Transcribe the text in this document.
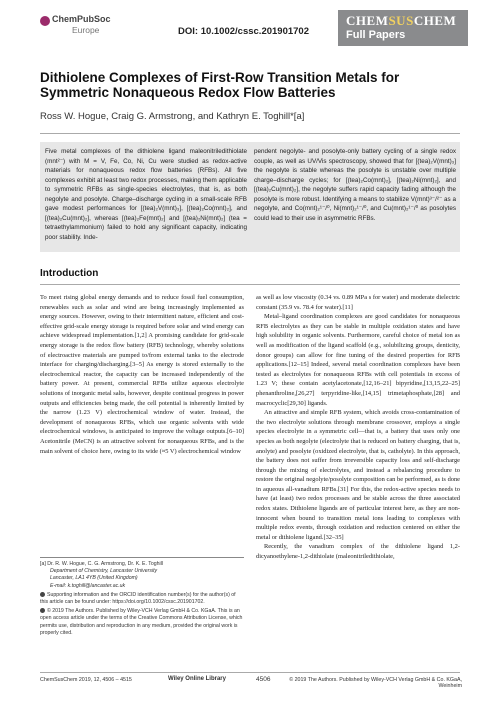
ChemPubSoc
Europe	DOI: 10.1002/cssc.201901702
CHEMSUSCHEM
Full Papers
Dithiolene Complexes of First-Row Transition Metals for Symmetric Nonaqueous Redox Flow Batteries
Ross W. Hogue, Craig G. Armstrong, and Kathryn E. Toghill*[a]
Five metal complexes of the dithiolene ligand maleonitriledithiolate (mnt²⁻) with M = V, Fe, Co, Ni, Cu were studied as redox-active materials for nonaqueous redox flow batteries (RFBs). All five complexes exhibit at least two redox processes, making them applicable to symmetric RFBs as single-species electrolytes, that is, as both negolyte and posolyte. Charge–discharge cycling in a small-scale RFB gave modest performances for [(tea)₂V(mnt)₃], [(tea)₂Co(mnt)₂], and [(tea)₂Cu(mnt)₂], whereas [(tea)₂Fe(mnt)₂] and [(tea)₂Ni(mnt)₂] (tea = tetraethylammonium) failed to hold any significant capacity, indicating poor stability. Inde-
pendent negolyte- and posolyte-only battery cycling of a single redox couple, as well as UV/Vis spectroscopy, showed that for [(tea)₂V(mnt)₃] the negolyte is stable whereas the posolyte is unstable over multiple charge–discharge cycles; for [(tea)₂Co(mnt)₂], [(tea)₂Ni(mnt)₂], and [(tea)₂Cu(mnt)₂], the negolyte suffers rapid capacity fading although the posolyte is more robust. Identifying a means to stabilize V(mnt)³⁻/²⁻ as a negolyte, and Co(mnt)₂¹⁻/⁰, Ni(mnt)₂¹⁻/⁰, and Cu(mnt)₂¹⁻/⁰ as posolytes could lead to their use in asymmetric RFBs.
Introduction

To meet rising global energy demands and to reduce fossil fuel consumption, renewables such as solar and wind are being increasingly implemented as energy sources. However, owing to their intermittent nature, efficient and cost-effective grid-scale energy storage is required before solar and wind energy can achieve widespread implementation.[1,2] A promising candidate for grid-scale energy storage is the redox flow battery (RFB) technology, whereby solutions of electroactive materials are pumped to/from external tanks to the electrode interface for charging/discharging.[3–5] As energy is stored externally to the electrochemical reactor, the capacity can be increased independently of the battery power. At present, commercial RFBs utilize aqueous electrolyte solutions of inorganic metal salts, however, despite continual progress in power outputs and efficiencies being made, the cell potential is inherently limited by the narrow (1.23 V) electrochemical window of water. Instead, the development of nonaqueous RFBs, which use organic solvents with wide electrochemical windows, is anticipated to improve the voltage outputs.[6–10] Acetonitrile (MeCN) is an attractive solvent for nonaqueous RFBs, and is the main solvent of choice here, owing to its wide (≈5 V) electrochemical window

as well as low viscosity (0.34 vs. 0.89 MPa s for water) and moderate dielectric constant (35.9 vs. 78.4 for water).[11]

Metal–ligand coordination complexes are good candidates for nonaqueous RFB electrolytes as they can be stable in multiple oxidation states and have high solubility in organic solvents. Furthermore, careful choice of metal ion as well as modification of the ligand scaffold (e.g., solubilizing groups, denticity, donor groups) can allow for fine tuning of the desired properties for RFB applications.[12–15] Indeed, several metal coordination complexes have been tested as electrolytes for nonaqueous RFBs with cell potentials in excess of 1.23 V; these contain acetylacetonate,[12,16–21] bipyridine,[13,15,22–25] phenanthroline,[26,27] terpyridine-like,[14,15] trimetaphosphate,[28] and macrocyclic[29,30] ligands.

An attractive and simple RFB system, which avoids cross-contamination of the two electrolyte solutions through membrane crossover, employs a single species electrolyte in a symmetric cell—that is, a battery that uses only one species as both negolyte (electrolyte that is reduced on battery charging, that is, anolyte) and posolyte (oxidized electrolyte, that is, catholyte). In this approach, the battery does not suffer from irreversible capacity loss and self-discharge through the mixing of electrolytes, and instead a rebalancing procedure to restore the original negolyte/posolyte composition can be performed, as is done in aqueous all-vanadium RFBs.[31] For this, the redox-active species needs to have (at least) two redox processes and be stable across the three associated redox states. Dithiolene ligands are of particular interest here, as they are non-innocent when bound to transition metal ions leading to complexes with multiple redox events, through oxidation and reduction centered on either the metal or dithiolene ligand.[32–35]

Recently, the vanadium complex of the dithiolene ligand 1,2-dicyanoethylene-1,2-dithiolate (maleonitriledithiolate,

[a] Dr. R. W. Hogue, C. G. Armstrong, Dr. K. E. Toghill

Department of Chemistry, Lancaster University

Lancaster, LA1 4YB (United Kingdom)

E-mail: k.toghill@lancaster.ac.uk

Supporting information and the ORCID identification number(s) for the author(s) of this article can be found under: https://doi.org/10.1002/cssc.201901702.

© 2019 The Authors. Published by Wiley-VCH Verlag GmbH & Co. KGaA. This is an open access article under the terms of the Creative Commons Attribution License, which permits use, distribution and reproduction in any medium, provided the original work is properly cited.

ChemSusChem 2019, 12, 4506 – 4515	Wiley Online Library	4506	© 2019 The Authors. Published by Wiley-VCH Verlag GmbH & Co. KGaA, Weinheim
